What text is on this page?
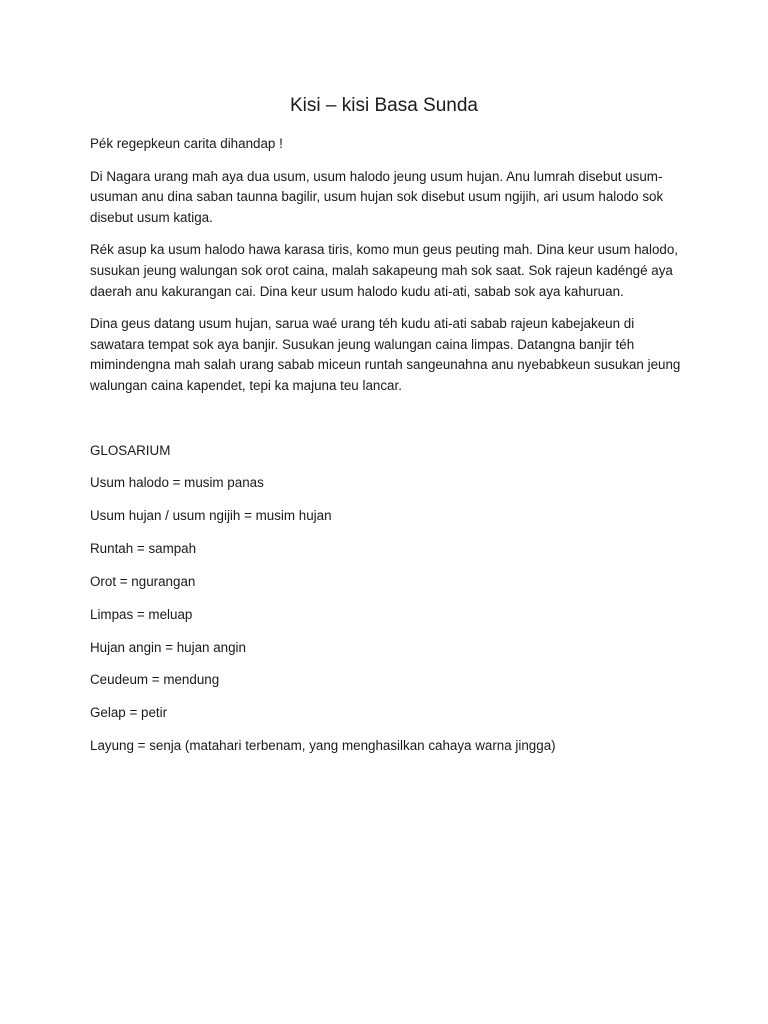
Kisi – kisi Basa Sunda

Pék regepkeun carita dihandap !

Di Nagara urang mah aya dua usum, usum halodo jeung usum hujan. Anu lumrah disebut usum-usuman anu dina saban taunna bagilir, usum hujan sok disebut usum ngijih, ari usum halodo sok disebut usum katiga.

Rék asup ka usum halodo hawa karasa tiris, komo mun geus peuting mah. Dina keur usum halodo, susukan jeung walungan sok orot caina, malah sakapeung mah sok saat. Sok rajeun kadéngé aya daerah anu kakurangan cai. Dina keur usum halodo kudu ati-ati, sabab sok aya kahuruan.

Dina geus datang usum hujan, sarua waé urang téh kudu ati-ati sabab rajeun kabejakeun di sawatara tempat sok aya banjir. Susukan jeung walungan caina limpas. Datangna banjir téh mimindengna mah salah urang sabab miceun runtah sangeunahna anu nyebabkeun susukan jeung walungan caina kapendet, tepi ka majuna teu lancar.

GLOSARIUM

Usum halodo = musim panas

Usum hujan / usum ngijih = musim hujan

Runtah = sampah

Orot = ngurangan

Limpas = meluap

Hujan angin = hujan angin

Ceudeum = mendung

Gelap = petir

Layung = senja (matahari terbenam, yang menghasilkan cahaya warna jingga)
